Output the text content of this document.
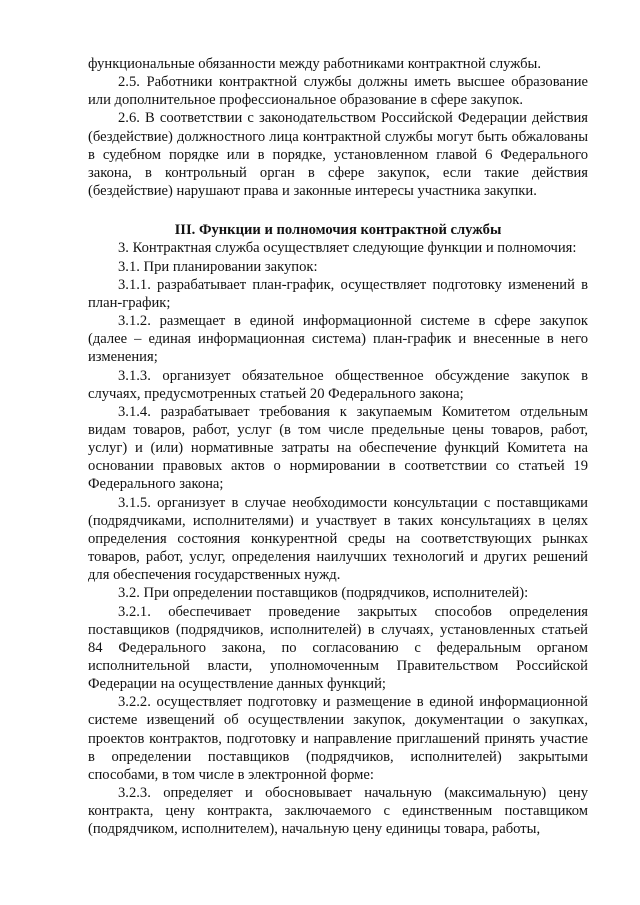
функциональные обязанности между работниками контрактной службы.

2.5. Работники контрактной службы должны иметь высшее образование или дополнительное профессиональное образование в сфере закупок.

2.6. В соответствии с законодательством Российской Федерации действия (бездействие) должностного лица контрактной службы могут быть обжалованы в судебном порядке или в порядке, установленном главой 6 Федерального закона, в контрольный орган в сфере закупок, если такие действия (бездействие) нарушают права и законные интересы участника закупки.

III. Функции и полномочия контрактной службы

3. Контрактная служба осуществляет следующие функции и полномочия:

3.1. При планировании закупок:

3.1.1. разрабатывает план-график, осуществляет подготовку изменений в план-график;

3.1.2. размещает в единой информационной системе в сфере закупок (далее – единая информационная система) план-график и внесенные в него изменения;

3.1.3. организует обязательное общественное обсуждение закупок в случаях, предусмотренных статьей 20 Федерального закона;

3.1.4. разрабатывает требования к закупаемым Комитетом отдельным видам товаров, работ, услуг (в том числе предельные цены товаров, работ, услуг) и (или) нормативные затраты на обеспечение функций Комитета на основании правовых актов о нормировании в соответствии со статьей 19 Федерального закона;

3.1.5. организует в случае необходимости консультации с поставщиками (подрядчиками, исполнителями) и участвует в таких консультациях в целях определения состояния конкурентной среды на соответствующих рынках товаров, работ, услуг, определения наилучших технологий и других решений для обеспечения государственных нужд.

3.2. При определении поставщиков (подрядчиков, исполнителей):

3.2.1. обеспечивает проведение закрытых способов определения поставщиков (подрядчиков, исполнителей) в случаях, установленных статьей 84 Федерального закона, по согласованию с федеральным органом исполнительной власти, уполномоченным Правительством Российской Федерации на осуществление данных функций;

3.2.2. осуществляет подготовку и размещение в единой информационной системе извещений об осуществлении закупок, документации о закупках, проектов контрактов, подготовку и направление приглашений принять участие в определении поставщиков (подрядчиков, исполнителей) закрытыми способами, в том числе в электронной форме:

3.2.3. определяет и обосновывает начальную (максимальную) цену контракта, цену контракта, заключаемого с единственным поставщиком (подрядчиком, исполнителем), начальную цену единицы товара, работы,
